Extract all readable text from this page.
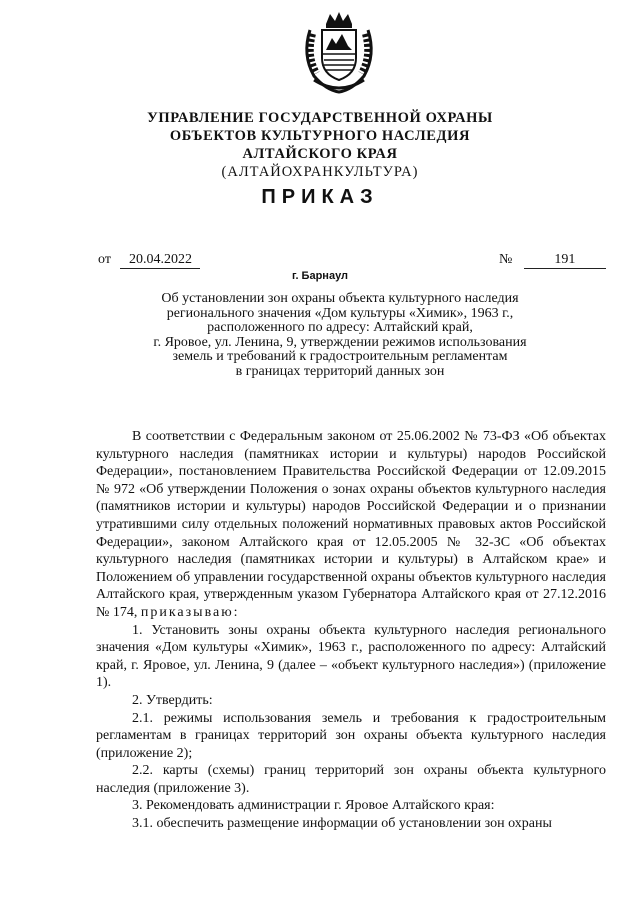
УПРАВЛЕНИЕ ГОСУДАРСТВЕННОЙ ОХРАНЫ
ОБЪЕКТОВ КУЛЬТУРНОГО НАСЛЕДИЯ
АЛТАЙСКОГО КРАЯ
(АЛТАЙОХРАНКУЛЬТУРА)
ПРИКАЗ
от 20.04.2022	№	191
г. Барнаул
Об установлении зон охраны объекта культурного наследия
регионального значения «Дом культуры «Химик», 1963 г.,
расположенного по адресу: Алтайский край,
г. Яровое, ул. Ленина, 9, утверждении режимов использования
земель и требований к градостроительным регламентам
в границах территорий данных зон

В соответствии с Федеральным законом от 25.06.2002 № 73-ФЗ «Об объектах культурного наследия (памятниках истории и культуры) народов Российской Федерации», постановлением Правительства Российской Федерации от 12.09.2015 № 972 «Об утверждении Положения о зонах охраны объектов культурного наследия (памятников истории и культуры) народов Российской Федерации и о признании утратившими силу отдельных положений нормативных правовых актов Российской Федерации», законом Алтайского края от 12.05.2005 № 32-ЗС «Об объектах культурного наследия (памятниках истории и культуры) в Алтайском крае» и Положением об управлении государственной охраны объектов культурного наследия Алтайского края, утвержденным указом Губернатора Алтайского края от 27.12.2016 № 174, приказываю:

1. Установить зоны охраны объекта культурного наследия регионального значения «Дом культуры «Химик», 1963 г., расположенного по адресу: Алтайский край, г. Яровое, ул. Ленина, 9 (далее – «объект культурного наследия») (приложение 1).

2. Утвердить:

2.1. режимы использования земель и требования к градостроительным регламентам в границах территорий зон охраны объекта культурного наследия (приложение 2);

2.2. карты (схемы) границ территорий зон охраны объекта культурного наследия (приложение 3).

3. Рекомендовать администрации г. Яровое Алтайского края:

3.1. обеспечить размещение информации об установлении зон охраны
